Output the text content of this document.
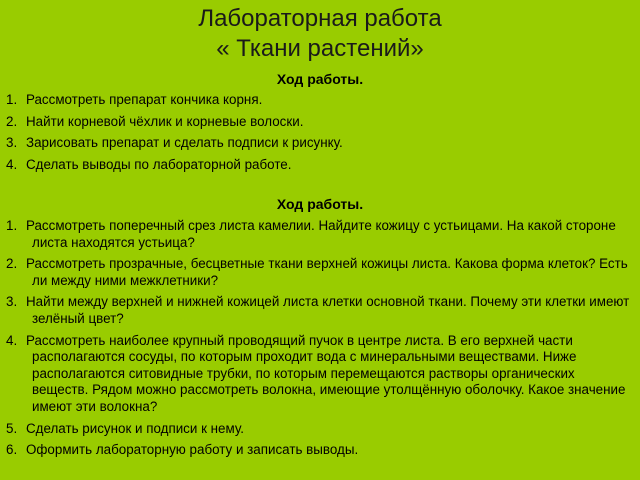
Лабораторная работа
« Ткани растений»
Ход работы.
1. Рассмотреть препарат кончика корня.
2. Найти корневой чёхлик и корневые волоски.
3. Зарисовать препарат и сделать подписи к рисунку.
4. Сделать выводы по лабораторной работе.
Ход работы.
1. Рассмотреть поперечный срез листа камелии. Найдите кожицу с устьицами. На какой стороне листа находятся устьица?
2. Рассмотреть прозрачные, бесцветные ткани верхней кожицы листа. Какова форма клеток? Есть ли между ними межклетники?
3. Найти между верхней и нижней кожицей листа клетки основной ткани. Почему эти клетки имеют зелёный цвет?
4. Рассмотреть наиболее крупный проводящий пучок в центре листа. В его верхней части располагаются сосуды, по которым проходит вода с минеральными веществами. Ниже располагаются ситовидные трубки, по которым перемещаются растворы органических веществ. Рядом можно рассмотреть волокна, имеющие утолщённую оболочку. Какое значение имеют эти волокна?
5. Сделать рисунок и подписи к нему.
6. Оформить лабораторную работу и записать выводы.
